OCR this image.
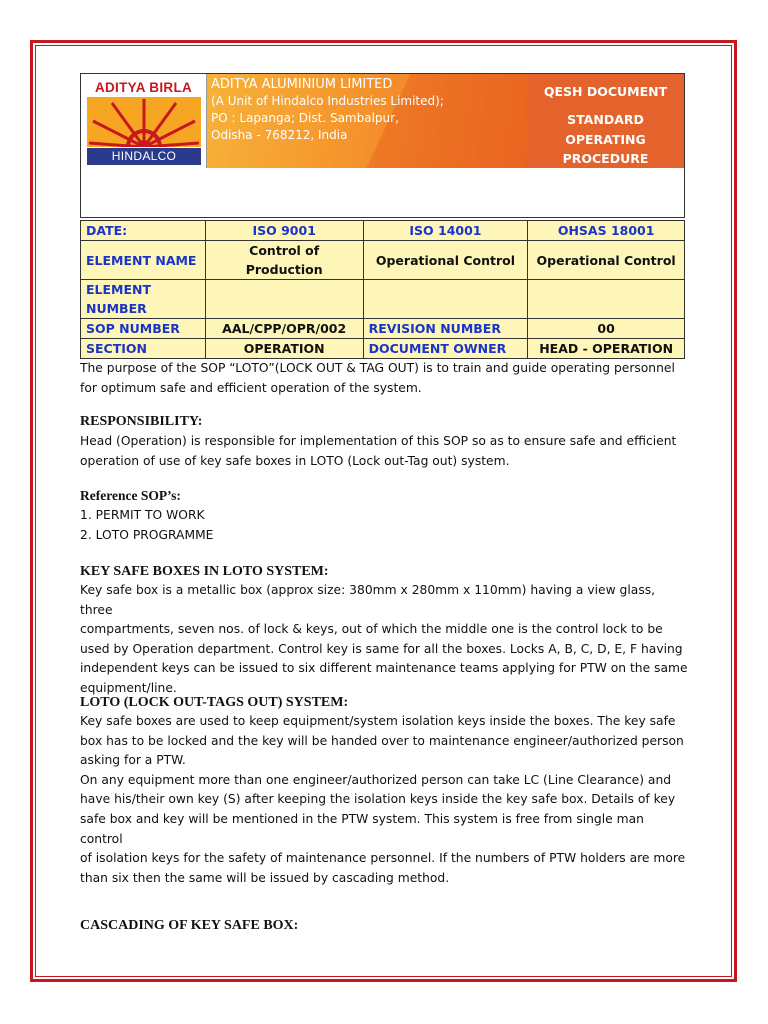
ADITYA BIRLA
HINDALCO
ADITYA ALUMINIUM LIMITED
(A Unit of Hindalco Industries Limited);
PO : Lapanga; Dist. Sambalpur,
Odisha - 768212, India
QESH DOCUMENT
STANDARD
OPERATING
PROCEDURE
DATE:	ISO 9001	ISO 14001	OHSAS 18001
ELEMENT NAME	Control of Production	Operational Control	Operational Control

ELEMENT
NUMBER			

SOP NUMBER	AAL/CPP/OPR/002	REVISION NUMBER	00
SECTION	OPERATION	DOCUMENT OWNER	HEAD - OPERATION
The purpose of the SOP “LOTO”(LOCK OUT & TAG OUT) is to train and guide operating personnel
for optimum safe and efficient operation of the system.
RESPONSIBILITY:
Head (Operation) is responsible for implementation of this SOP so as to ensure safe and efficient
operation of use of key safe boxes in LOTO (Lock out-Tag out) system.
Reference SOP’s:
1. PERMIT TO WORK
2. LOTO PROGRAMME
KEY SAFE BOXES IN LOTO SYSTEM:
Key safe box is a metallic box (approx size: 380mm x 280mm x 110mm) having a view glass, three
compartments, seven nos. of lock & keys, out of which the middle one is the control lock to be
used by Operation department. Control key is same for all the boxes. Locks A, B, C, D, E, F having
independent keys can be issued to six different maintenance teams applying for PTW on the same
equipment/line.
LOTO (LOCK OUT-TAGS OUT) SYSTEM:
Key safe boxes are used to keep equipment/system isolation keys inside the boxes. The key safe
box has to be locked and the key will be handed over to maintenance engineer/authorized person
asking for a PTW.
On any equipment more than one engineer/authorized person can take LC (Line Clearance) and
have his/their own key (S) after keeping the isolation keys inside the key safe box. Details of key
safe box and key will be mentioned in the PTW system. This system is free from single man control
of isolation keys for the safety of maintenance personnel. If the numbers of PTW holders are more
than six then the same will be issued by cascading method.
CASCADING OF KEY SAFE BOX:
